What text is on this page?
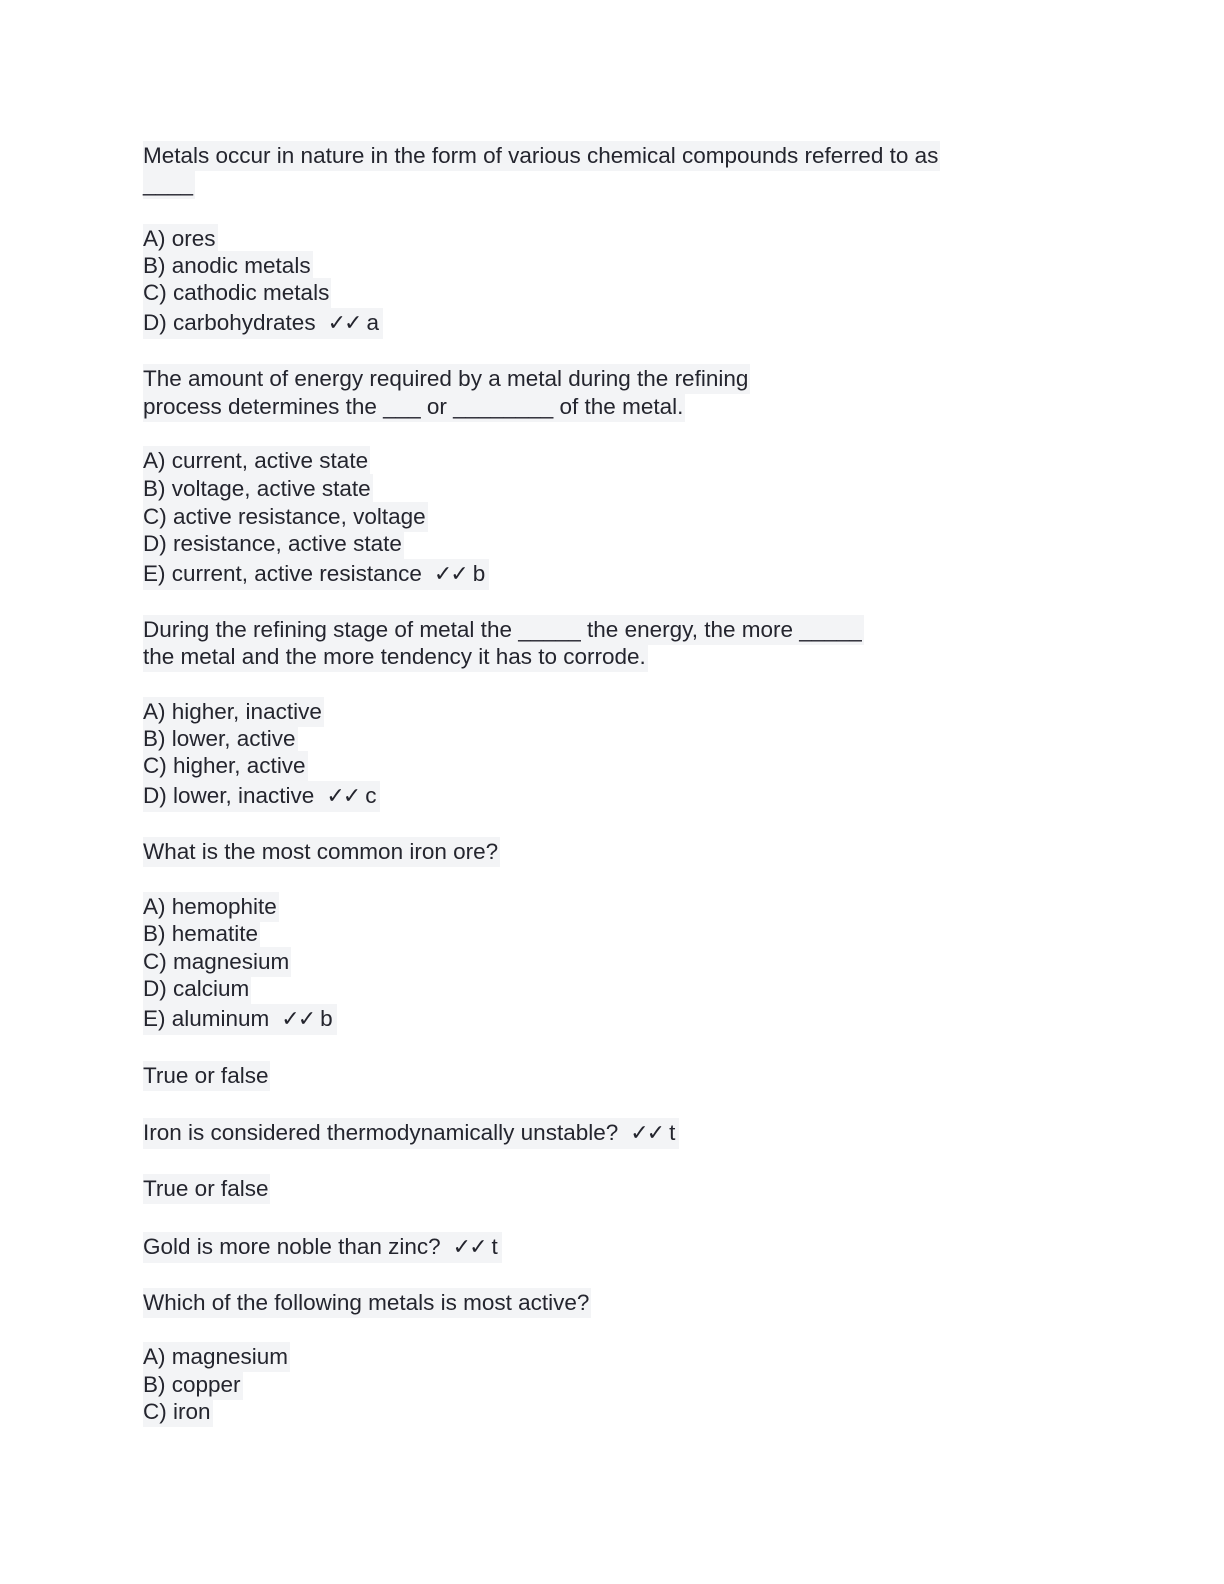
Metals occur in nature in the form of various chemical compounds referred to as
____
A) ores
B) anodic metals
C) cathodic metals
D) carbohydrates ✓✓ a
The amount of energy required by a metal during the refining
process determines the ___ or ________ of the metal.
A) current, active state
B) voltage, active state
C) active resistance, voltage
D) resistance, active state
E) current, active resistance ✓✓ b
During the refining stage of metal the _____ the energy, the more _____
the metal and the more tendency it has to corrode.
A) higher, inactive
B) lower, active
C) higher, active
D) lower, inactive ✓✓ c
What is the most common iron ore?
A) hemophite
B) hematite
C) magnesium
D) calcium
E) aluminum ✓✓ b
True or false
Iron is considered thermodynamically unstable? ✓✓ t
True or false
Gold is more noble than zinc? ✓✓ t
Which of the following metals is most active?
A) magnesium
B) copper
C) iron
